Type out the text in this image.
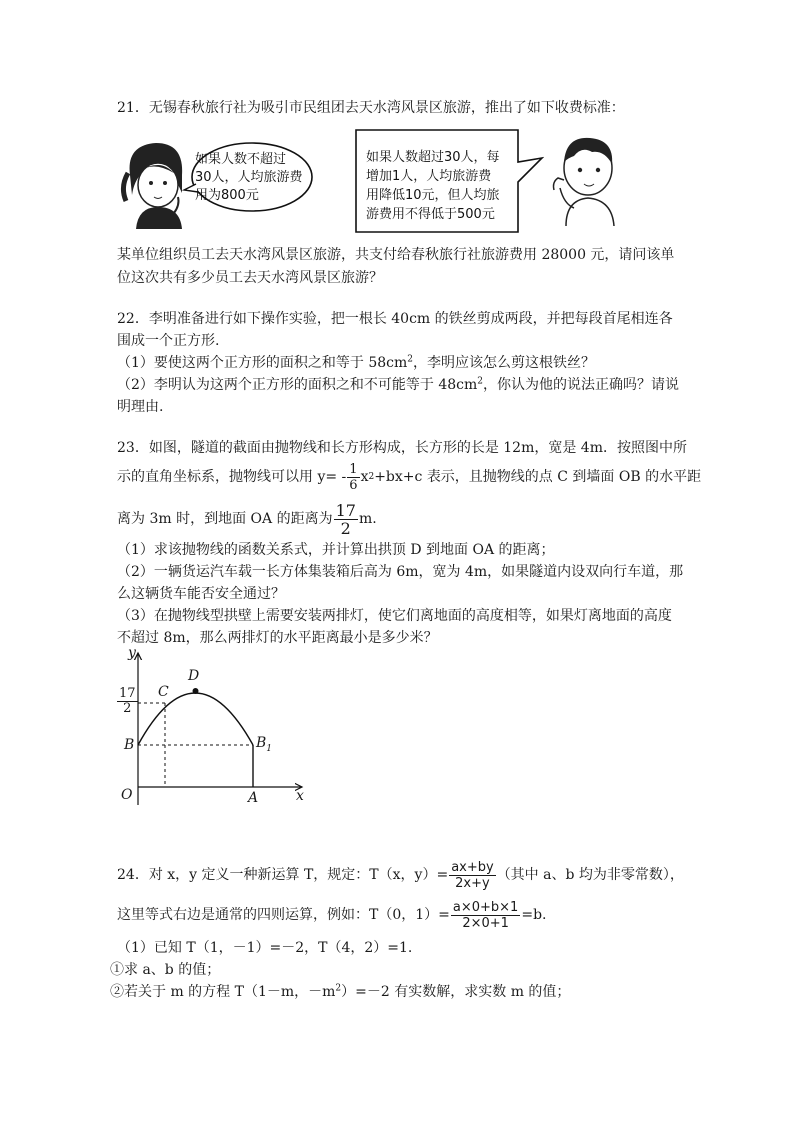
21．无锡春秋旅行社为吸引市民组团去天水湾风景区旅游，推出了如下收费标准：
如果人数不超过
30人，人均旅游费
用为800元
如果人数超过30人，每
增加1人，人均旅游费
用降低10元，但人均旅
游费用不得低于500元
某单位组织员工去天水湾风景区旅游，共支付给春秋旅行社旅游费用 28000 元，请问该单
位这次共有多少员工去天水湾风景区旅游？
22．李明准备进行如下操作实验，把一根长 40cm 的铁丝剪成两段，并把每段首尾相连各
围成一个正方形.
（1）要使这两个正方形的面积之和等于 $58cm^2$，李明应该怎么剪这根铁丝？
（2）李明认为这两个正方形的面积之和不可能等于 $48cm^2$，你认为他的说法正确吗？请说
明理由.
23．如图，隧道的截面由抛物线和长方形构成，长方形的长是 12m，宽是 4m．按照图中所
示的直角坐标系，抛物线可以用 $y= - \frac{1}{6}$ x 2 +bx+c 表示，且抛物线的点 C 到墙面 OB 的水平距
离为 3m 时，到地面 OA 的距离为 $\frac{17}{2} m$.
（1）求该抛物线的函数关系式，并计算出拱顶 D 到地面 OA 的距离；
（2）一辆货运汽车载一长方体集装箱后高为 6m，宽为 4m，如果隧道内设双向行车道，那
么这辆货车能否安全通过？
（3）在抛物线型拱壁上需要安装两排灯，使它们离地面的高度相等，如果灯离地面的高度
不超过 8m，那么两排灯的水平距离最小是多少米？
y
x
O	A
B	$B_1$
C
D
$\frac{17}{2}$
24．对 x，y 定义一种新运算 T，规定：T（x，$y)= \frac{ax+by}{2x+y}$ （其中 a、b 均为非零常数），
这里等式右边是通常的四则运算，例如：T（0，$1)= \frac{a\times 0+b\times 1}{2\times 0+1} =b$.
（1）已知 T（1，－1）=－2，T（4，2）=1.
①求 a、b 的值；
②若关于 m 的方程 T（1－m，$-m^2)=-2$ 有实数解，求实数 m 的值；
